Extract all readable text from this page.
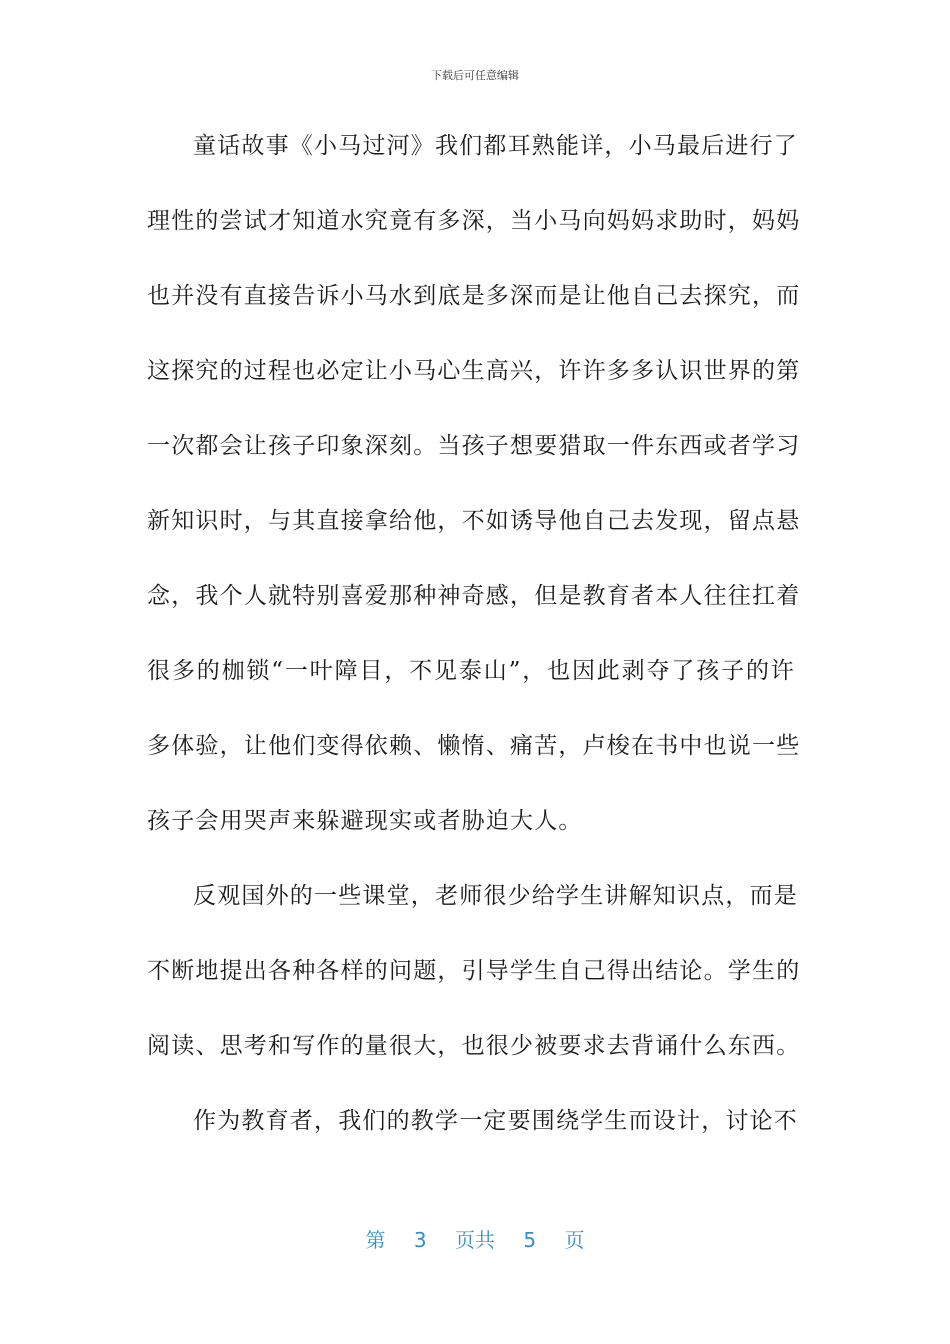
下载后可任意编辑
童话故事《小马过河》我们都耳熟能详，小马最后进行了
理性的尝试才知道水究竟有多深，当小马向妈妈求助时，妈妈
也并没有直接告诉小马水到底是多深而是让他自己去探究，而
这探究的过程也必定让小马心生高兴，许许多多认识世界的第
一次都会让孩子印象深刻。当孩子想要猎取一件东西或者学习
新知识时，与其直接拿给他，不如诱导他自己去发现，留点悬
念，我个人就特别喜爱那种神奇感，但是教育者本人往往扛着
很多的枷锁“一叶障目，不见泰山”，也因此剥夺了孩子的许
多体验，让他们变得依赖、懒惰、痛苦，卢梭在书中也说一些
孩子会用哭声来躲避现实或者胁迫大人。
反观国外的一些课堂，老师很少给学生讲解知识点，而是
不断地提出各种各样的问题，引导学生自己得出结论。学生的
阅读、思考和写作的量很大，也很少被要求去背诵什么东西。
作为教育者，我们的教学一定要围绕学生而设计，讨论不
第 3 页共 5 页
